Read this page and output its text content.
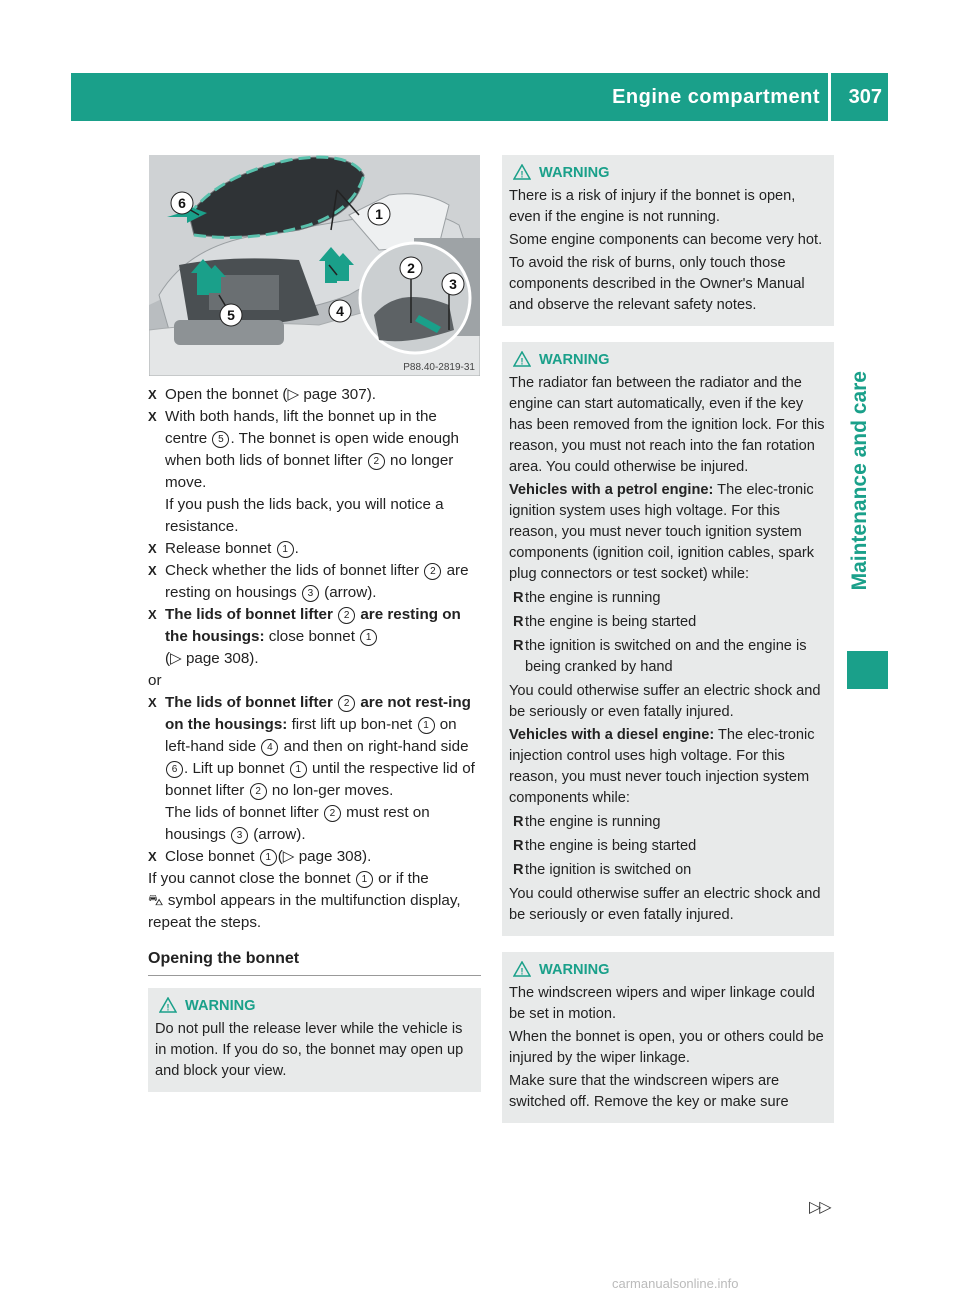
Engine compartment 307
Maintenance and care
1
2
3
4
5
6
P88.40-2819-31
X Open the bonnet (▷ page 307).

X With both hands, lift the bonnet up in the centre 5 . The bonnet is open wide enough when both lids of bonnet lifter 2 no longer move.

If you push the lids back, you will notice a resistance.

X Release bonnet 1 .

X Check whether the lids of bonnet lifter 2 are resting on housings 3 (arrow).

X The lids of bonnet lifter 2 are resting on the housings: close bonnet 1
(▷ page 308).

or

X The lids of bonnet lifter 2 are not rest-ing on the housings: first lift up bon-net 1 on left-hand side 4 and then on right-hand side 6 . Lift up bonnet 1 until the respective lid of bonnet lifter 2 no lon-ger moves.

The lids of bonnet lifter 2 must rest on housings 3 (arrow).

X Close bonnet 1 (▷ page 308).

If you cannot close the bonnet 1 or if the
⛍ symbol appears in the multifunction display, repeat the steps.

Opening the bonnet

! WARNING

Do not pull the release lever while the vehicle is in motion. If you do so, the bonnet may open up and block your view.

! WARNING

There is a risk of injury if the bonnet is open, even if the engine is not running.

Some engine components can become very hot.

To avoid the risk of burns, only touch those components described in the Owner's Manual and observe the relevant safety notes.

! WARNING

The radiator fan between the radiator and the engine can start automatically, even if the key has been removed from the ignition lock. For this reason, you must not reach into the fan rotation area. You could otherwise be injured.

Vehicles with a petrol engine: The elec-tronic ignition system uses high voltage. For this reason, you must never touch ignition system components (ignition coil, ignition cables, spark plug connectors or test socket) while:

R the engine is running
R the engine is being started
R the ignition is switched on and the engine is being cranked by hand

You could otherwise suffer an electric shock and be seriously or even fatally injured.

Vehicles with a diesel engine: The elec-tronic injection control uses high voltage. For this reason, you must never touch injection system components while:

R the engine is running
R the engine is being started
R the ignition is switched on

You could otherwise suffer an electric shock and be seriously or even fatally injured.

! WARNING

The windscreen wipers and wiper linkage could be set in motion.

When the bonnet is open, you or others could be injured by the wiper linkage.

Make sure that the windscreen wipers are switched off. Remove the key or make sure

▷▷
carmanualsonline.info
